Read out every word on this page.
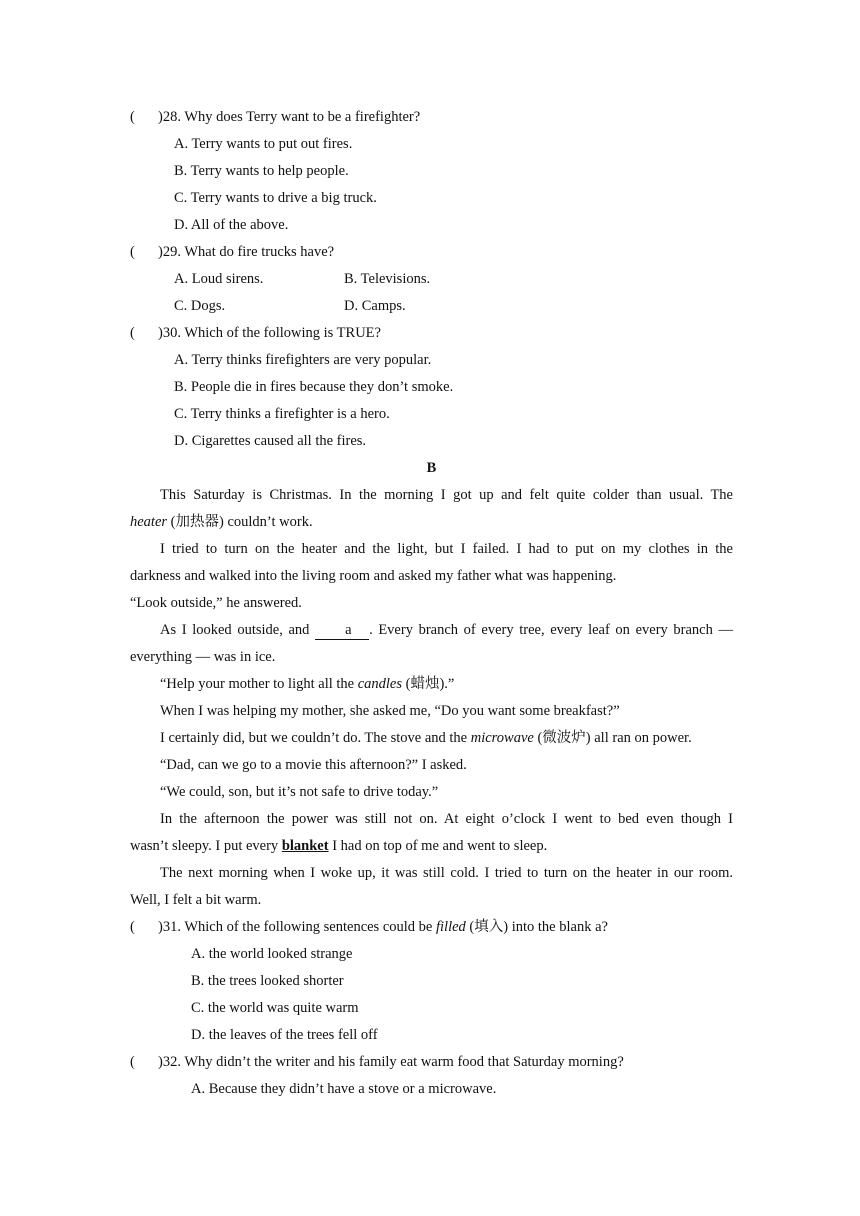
(	)28. Why does Terry want to be a firefighter?
A. Terry wants to put out fires.
B. Terry wants to help people.
C. Terry wants to drive a big truck.
D. All of the above.
(	)29. What do fire trucks have?
A. Loud sirens.	B. Televisions.
C. Dogs.	D. Camps.
(	)30. Which of the following is TRUE?
A. Terry thinks firefighters are very popular.
B. People die in fires because they don’t smoke.
C. Terry thinks a firefighter is a hero.
D. Cigarettes caused all the fires.
B
This Saturday is Christmas. In the morning I got up and felt quite colder than usual. The
heater (加热器) couldn’t work.
I tried to turn on the heater and the light, but I failed. I had to put on my clothes in the
darkness and walked into the living room and asked my father what was happening.
“Look outside,” he answered.
As I looked outside, and a . Every branch of every tree, every leaf on every branch —
everything — was in ice.
“Help your mother to light all the candles (蜡烛).”
When I was helping my mother, she asked me, “Do you want some breakfast?”
I certainly did, but we couldn’t do. The stove and the microwave (微波炉) all ran on power.
“Dad, can we go to a movie this afternoon?” I asked.
“We could, son, but it’s not safe to drive today.”
In the afternoon the power was still not on. At eight o’clock I went to bed even though I
wasn’t sleepy. I put every blanket I had on top of me and went to sleep.
The next morning when I woke up, it was still cold. I tried to turn on the heater in our room.
Well, I felt a bit warm.
(	)31. Which of the following sentences could be filled (填入) into the blank a?
A. the world looked strange
B. the trees looked shorter
C. the world was quite warm
D. the leaves of the trees fell off
(	)32. Why didn’t the writer and his family eat warm food that Saturday morning?
A. Because they didn’t have a stove or a microwave.
